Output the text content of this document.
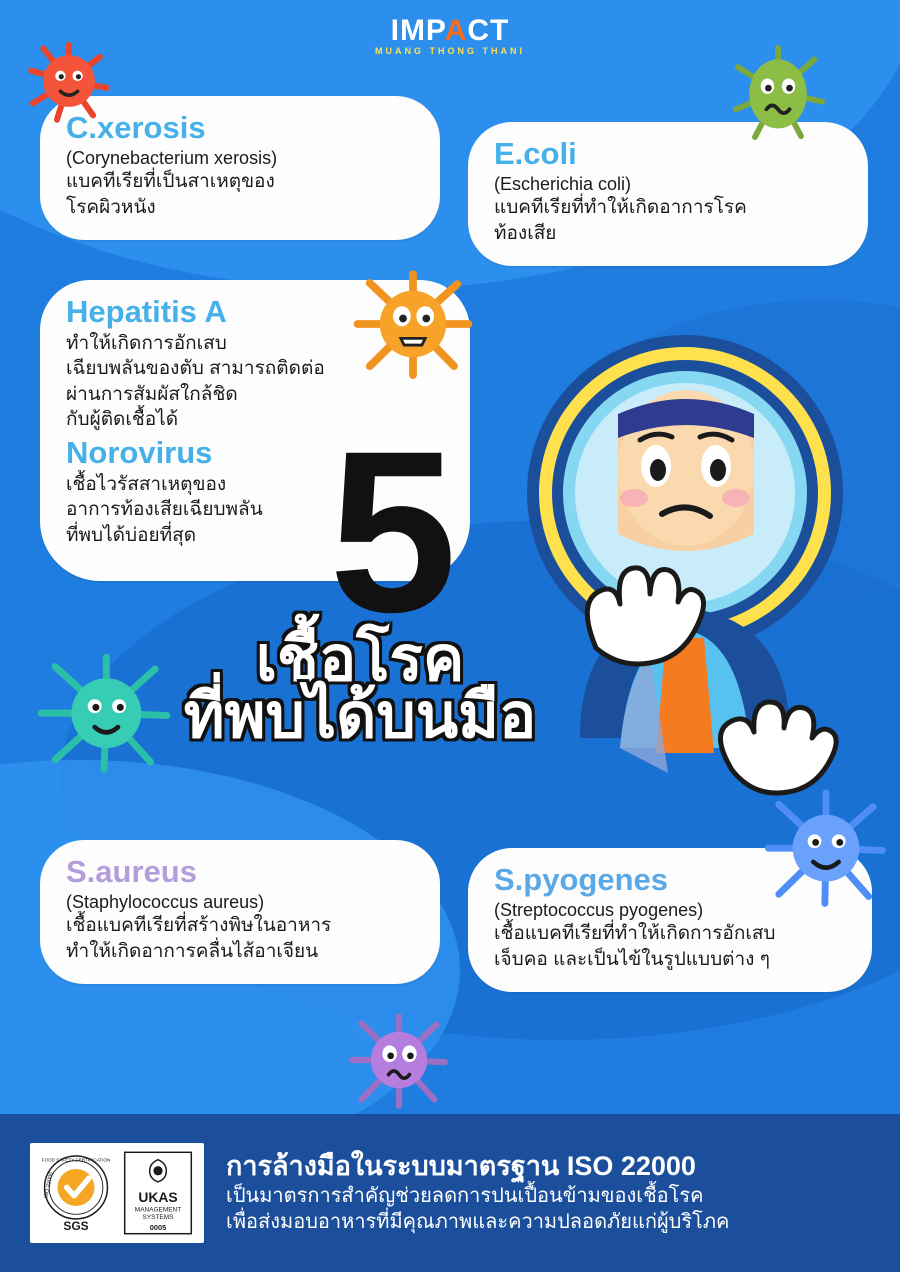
IMPACT
MUANG THONG THANI
C.xerosis
(Corynebacterium xerosis)
แบคทีเรียที่เป็นสาเหตุของ
โรคผิวหนัง
E.coli
(Escherichia coli)
แบคทีเรียที่ทำให้เกิดอาการโรค
ท้องเสีย
Hepatitis A
ทำให้เกิดการอักเสบ
เฉียบพลันของตับ สามารถติดต่อ
ผ่านการสัมผัสใกล้ชิด
กับผู้ติดเชื้อได้
Norovirus
เชื้อไวรัสสาเหตุของ
อาการท้องเสียเฉียบพลัน
ที่พบได้บ่อยที่สุด 5
เชื้อโรค
ที่พบได้บนมือ
S.aureus
(Staphylococcus aureus)
เชื้อแบคทีเรียที่สร้างพิษในอาหาร
ทำให้เกิดอาการคลื่นไส้อาเจียน
S.pyogenes
(Streptococcus pyogenes)
เชื้อแบคทีเรียที่ทำให้เกิดการอักเสบ
เจ็บคอ และเป็นไข้ในรูปแบบต่าง ๆ
FOOD SAFETY CERTIFICATION
ISO 22000
SGS
UKAS
MANAGEMENT
SYSTEMS
0005
การล้างมือในระบบมาตรฐาน ISO 22000
เป็นมาตรการสำคัญช่วยลดการปนเปื้อนข้ามของเชื้อโรค
เพื่อส่งมอบอาหารที่มีคุณภาพและความปลอดภัยแก่ผู้บริโภค
